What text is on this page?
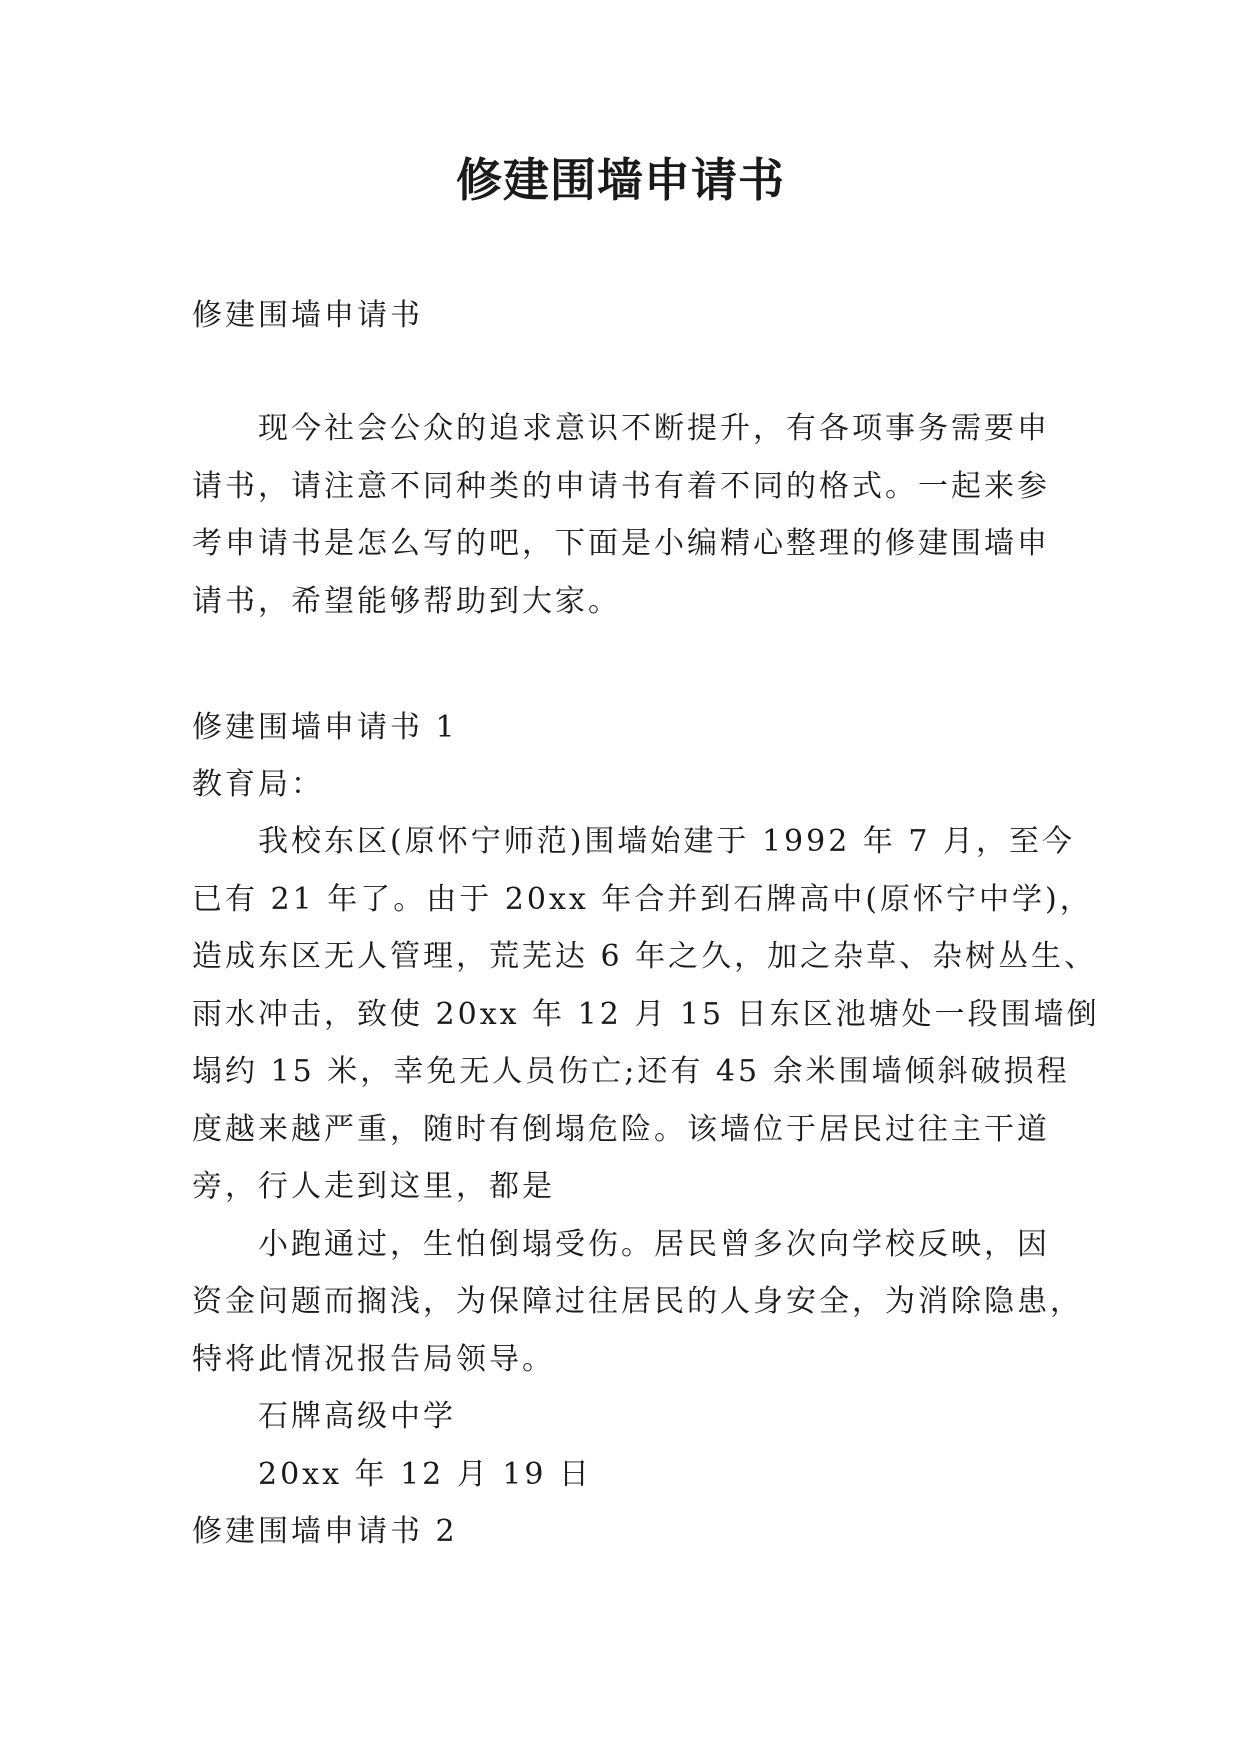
修建围墙申请书
修建围墙申请书
现今社会公众的追求意识不断提升，有各项事务需要申
请书，请注意不同种类的申请书有着不同的格式。一起来参
考申请书是怎么写的吧，下面是小编精心整理的修建围墙申
请书，希望能够帮助到大家。
修建围墙申请书 1
教育局：
我校东区(原怀宁师范)围墙始建于 1992 年 7 月，至今
已有 21 年了。由于 20xx 年合并到石牌高中(原怀宁中学)，
造成东区无人管理，荒芜达 6 年之久，加之杂草、杂树丛生、
雨水冲击，致使 20xx 年 12 月 15 日东区池塘处一段围墙倒
塌约 15 米，幸免无人员伤亡;还有 45 余米围墙倾斜破损程
度越来越严重，随时有倒塌危险。该墙位于居民过往主干道
旁，行人走到这里，都是
小跑通过，生怕倒塌受伤。居民曾多次向学校反映，因
资金问题而搁浅，为保障过往居民的人身安全，为消除隐患，
特将此情况报告局领导。
石牌高级中学
20xx 年 12 月 19 日
修建围墙申请书 2
